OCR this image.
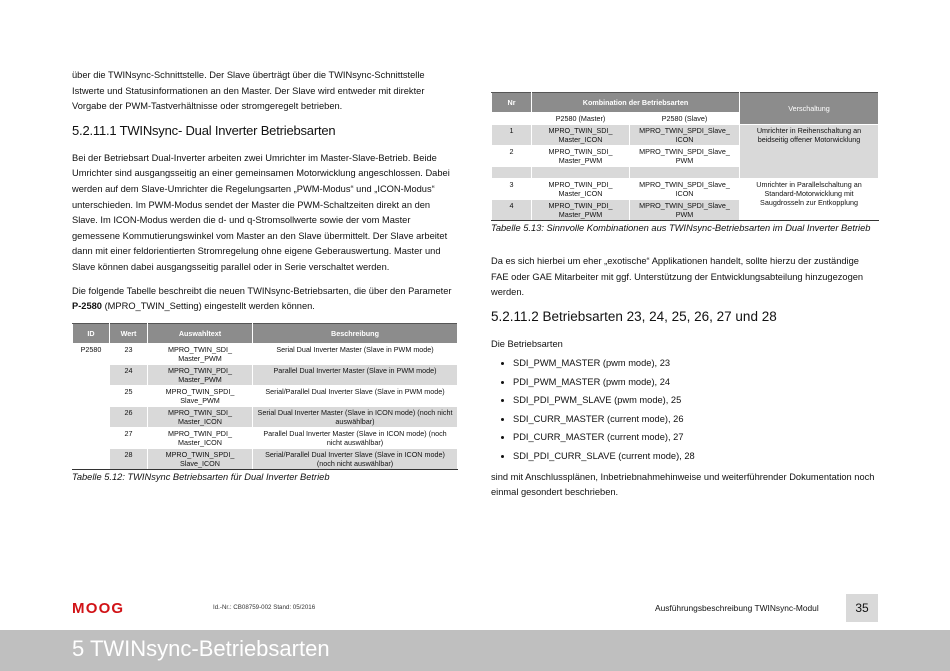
über die TWINsync-Schnittstelle. Der Slave überträgt über die TWINsync-Schnittstelle Istwerte und Statusinformationen an den Master. Der Slave wird entweder mit direkter Vorgabe der PWM-Tastverhältnisse oder stromgeregelt betrieben.

5.2.11.1 TWINsync- Dual Inverter Betriebsarten

Bei der Betriebsart Dual-Inverter arbeiten zwei Umrichter im Master-Slave-Betrieb. Beide Umrichter sind ausgangsseitig an einer gemeinsamen Motorwicklung angeschlossen. Dabei werden auf dem Slave-Umrichter die Regelungsarten „PWM-Modus“ und „ICON-Modus“ unterschieden. Im PWM-Modus sendet der Master die PWM-Schaltzeiten direkt an den Slave. Im ICON-Modus werden die d- und q-Stromsollwerte sowie der vom Master gemessene Kommutierungswinkel vom Master an den Slave übermittelt. Der Slave arbeitet dann mit einer feldorientierten Stromregelung ohne eigene Geberauswertung. Master und Slave können dabei ausgangsseitig parallel oder in Serie verschaltet werden.

Die folgende Tabelle beschreibt die neuen TWINsync-Betriebsarten, die über den Parameter P-2580 (MPRO_TWIN_Setting) eingestellt werden können.

ID	Wert	Auswahltext	Beschreibung
P2580	23	MPRO_TWIN_SDI_ Master_PWM	Serial Dual Inverter Master (Slave in PWM mode)
	24	MPRO_TWIN_PDI_ Master_PWM	Parallel Dual Inverter Master (Slave in PWM mode)
	25	MPRO_TWIN_SPDI_ Slave_PWM	Serial/Parallel Dual Inverter Slave (Slave in PWM mode)
	26	MPRO_TWIN_SDI_ Master_ICON	Serial Dual Inverter Master (Slave in ICON mode) (noch nicht auswählbar)
	27	MPRO_TWIN_PDI_ Master_ICON	Parallel Dual Inverter Master (Slave in ICON mode) (noch nicht auswählbar)
	28	MPRO_TWIN_SPDI_ Slave_ICON	Serial/Parallel Dual Inverter Slave (Slave in ICON mode) (noch nicht auswählbar)
Tabelle 5.12: TWINsync Betriebsarten für Dual Inverter Betrieb
Nr	Kombination der Betriebsarten		Verschaltung
	P2580 (Master)	P2580 (Slave)	
1	MPRO_TWIN_SDI_ Master_ICON	MPRO_TWIN_SPDI_Slave_ ICON	Umrichter in Reihenschaltung an beidseitig offener Motorwicklung
2	MPRO_TWIN_SDI_ Master_PWM	MPRO_TWIN_SPDI_Slave_ PWM	

3	MPRO_TWIN_PDI_ Master_ICON	MPRO_TWIN_SPDI_Slave_ ICON	Umrichter in Parallelschaltung an Standard-Motorwicklung mit Saugdrosseln zur Entkopplung
4	MPRO_TWIN_PDI_ Master_PWM	MPRO_TWIN_SPDI_Slave_ PWM	
Tabelle 5.13: Sinnvolle Kombinationen aus TWINsync-Betriebsarten im Dual Inverter Betrieb

Da es sich hierbei um eher „exotische“ Applikationen handelt, sollte hierzu der zuständige FAE oder GAE Mitarbeiter mit ggf. Unterstützung der Entwicklungsabteilung hinzugezogen werden.

5.2.11.2 Betriebsarten 23, 24, 25, 26, 27 und 28

Die Betriebsarten

• SDI_PWM_MASTER (pwm mode), 23
• PDI_PWM_MASTER (pwm mode), 24
• SDI_PDI_PWM_SLAVE (pwm mode), 25
• SDI_CURR_MASTER (current mode), 26
• PDI_CURR_MASTER (current mode), 27
• SDI_PDI_CURR_SLAVE (current mode), 28

sind mit Anschlussplänen, Inbetriebnahmehinweise und weiterführender Dokumentation noch einmal gesondert beschrieben.

MOOG	Id.-Nr.: CB08759-002 Stand: 05/2016	Ausführungsbeschreibung TWINsync-Modul	35
5 TWINsync-Betriebsarten
